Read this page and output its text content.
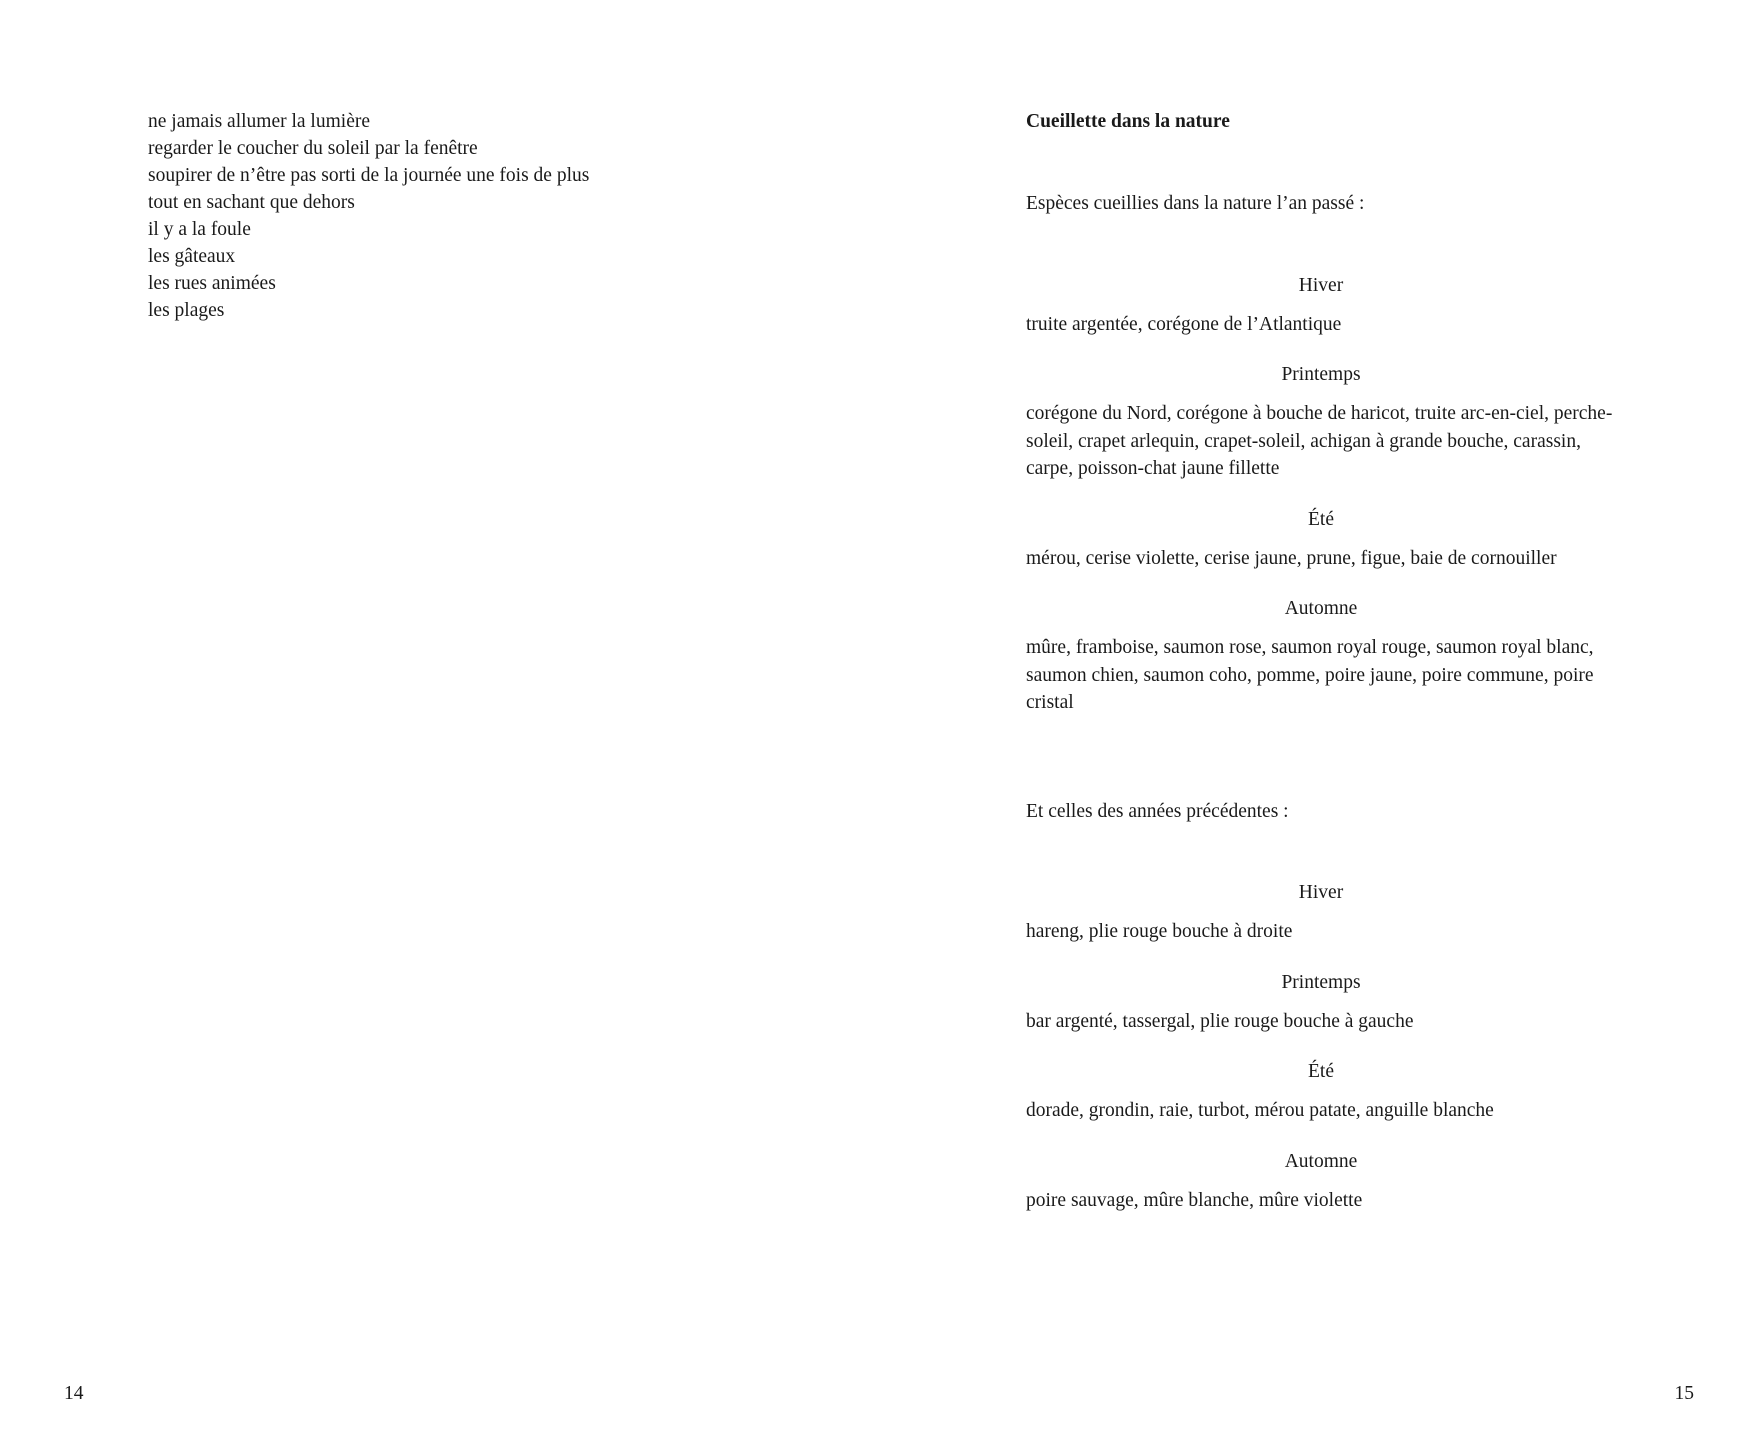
ne jamais allumer la lumière
regarder le coucher du soleil par la fenêtre
soupirer de n’être pas sorti de la journée une fois de plus
tout en sachant que dehors
il y a la foule
les gâteaux
les rues animées
les plages
14

Cueillette dans la nature

Espèces cueillies dans la nature l’an passé :

Hiver

truite argentée, corégone de l’Atlantique

Printemps

corégone du Nord, corégone à bouche de haricot, truite arc-en-ciel, perche-soleil, crapet arlequin, crapet-soleil, achigan à grande bouche, carassin, carpe, poisson-chat jaune fillette

Été

mérou, cerise violette, cerise jaune, prune, figue, baie de cornouiller

Automne

mûre, framboise, saumon rose, saumon royal rouge, saumon royal blanc, saumon chien, saumon coho, pomme, poire jaune, poire commune, poire cristal

Et celles des années précédentes :

Hiver

hareng, plie rouge bouche à droite

Printemps

bar argenté, tassergal, plie rouge bouche à gauche

Été

dorade, grondin, raie, turbot, mérou patate, anguille blanche

Automne

poire sauvage, mûre blanche, mûre violette

15
